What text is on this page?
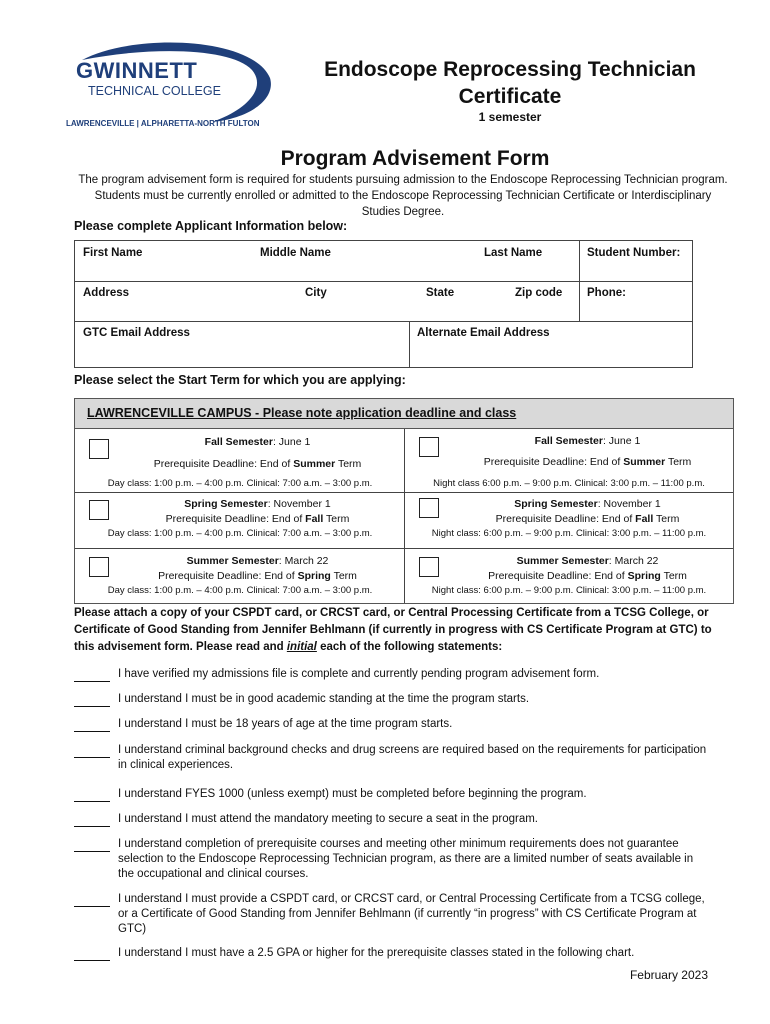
GWINNETT
TECHNICAL COLLEGE
LAWRENCEVILLE | ALPHARETTA-NORTH FULTON
Endoscope Reprocessing Technician
Certificate
1 semester
Program Advisement Form
The program advisement form is required for students pursuing admission to the Endoscope Reprocessing Technician program. Students must be currently enrolled or admitted to the Endoscope Reprocessing Technician Certificate or Interdisciplinary Studies Degree.
Please complete Applicant Information below:
First Name	Middle Name	Last Name	Student Number:
Address	City	State	Zip code Phone:
GTC Email Address	Alternate Email Address
Please select the Start Term for which you are applying:
LAWRENCEVILLE CAMPUS - Please note application deadline and class
Fall Semester: June 1
Prerequisite Deadline: End of Summer Term
Day class: 1:00 p.m. – 4:00 p.m. Clinical: 7:00 a.m. – 3:00 p.m.
Fall Semester: June 1
Prerequisite Deadline: End of Summer Term
Night class 6:00 p.m. – 9:00 p.m. Clinical: 3:00 p.m. – 11:00 p.m.
Spring Semester: November 1
Prerequisite Deadline: End of Fall Term
Day class: 1:00 p.m. – 4:00 p.m. Clinical: 7:00 a.m. – 3:00 p.m.
Spring Semester: November 1
Prerequisite Deadline: End of Fall Term
Night class: 6:00 p.m. – 9:00 p.m. Clinical: 3:00 p.m. – 11:00 p.m.
Summer Semester: March 22
Prerequisite Deadline: End of Spring Term
Day class: 1:00 p.m. – 4:00 p.m. Clinical: 7:00 a.m. – 3:00 p.m.
Summer Semester: March 22
Prerequisite Deadline: End of Spring Term
Night class: 6:00 p.m. – 9:00 p.m. Clinical: 3:00 p.m. – 11:00 p.m.
Please attach a copy of your CSPDT card, or CRCST card, or Central Processing Certificate from a TCSG College, or Certificate of Good Standing from Jennifer Behlmann (if currently in progress with CS Certificate Program at GTC) to this advisement form. Please read and initial each of the following statements:
I have verified my admissions file is complete and currently pending program advisement form.
I understand I must be in good academic standing at the time the program starts.
I understand I must be 18 years of age at the time program starts.
I understand criminal background checks and drug screens are required based on the requirements for participation in clinical experiences.
I understand FYES 1000 (unless exempt) must be completed before beginning the program.
I understand I must attend the mandatory meeting to secure a seat in the program.
I understand completion of prerequisite courses and meeting other minimum requirements does not guarantee selection to the Endoscope Reprocessing Technician program, as there are a limited number of seats available in the occupational and clinical courses.
I understand I must provide a CSPDT card, or CRCST card, or Central Processing Certificate from a TCSG college, or a Certificate of Good Standing from Jennifer Behlmann (if currently “in progress” with CS Certificate Program at GTC)
I understand I must have a 2.5 GPA or higher for the prerequisite classes stated in the following chart.
February 2023
